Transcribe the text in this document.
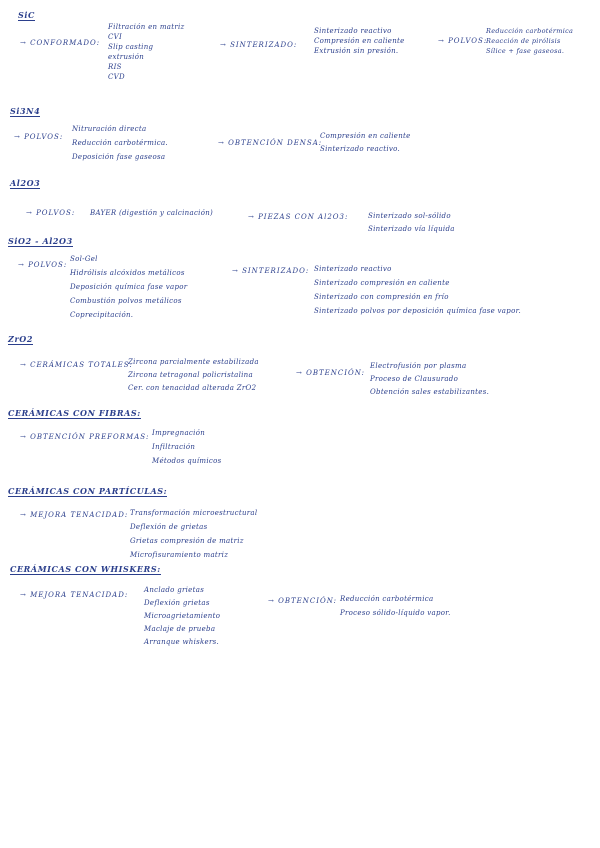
SiC
→ CONFORMADO:
Filtración en matriz
CVI
Slip casting
extrusión
RIS
CVD
→ SINTERIZADO:
Sinterizado reactivo
Compresión en caliente
Extrusión sin presión.
→ POLVOS:
Reducción carbotérmica
Reacción de pirólisis
Sílice + fase gaseosa.
Si3N4
→ POLVOS:
Nitruración directa
Reducción carbotérmica.
Deposición fase gaseosa
→ OBTENCIÓN DENSA:
Compresión en caliente
Sinterizado reactivo.
Al2O3
→ POLVOS: BAYER (digestión y calcinación)	→ PIEZAS CON Al2O3:	Sinterizado sol-sólido
Sinterizado vía líquida
SiO2 - Al2O3
→ POLVOS:
Sol-Gel
Hidrólisis alcóxidos metálicos
Deposición química fase vapor
Combustión polvos metálicos
Coprecipitación.
→ SINTERIZADO: Sinterizado reactivo
Sinterizado compresión en caliente
Sinterizado con compresión en frío
Sinterizado polvos por deposición química fase vapor.
ZrO2
→ CERÁMICAS TOTALES:
Zircona parcialmente estabilizada
Zircona tetragonal policristalina
Cer. con tenacidad alterada ZrO2
→ OBTENCIÓN:
Electrofusión por plasma
Proceso de Clausurado
Obtención sales estabilizantes.
CERÁMICAS CON FIBRAS:
→ OBTENCIÓN PREFORMAS: Impregnación
Infiltración
Métodos químicos
CERÁMICAS CON PARTÍCULAS:
→ MEJORA TENACIDAD: Transformación microestructural
Deflexión de grietas
Grietas compresión de matriz
Microfisuramiento matriz
CERÁMICAS CON WHISKERS:
→ MEJORA TENACIDAD:
Anclado grietas
Deflexión grietas
Microagrietamiento
Maclaje de prueba
Arranque whiskers.
→ OBTENCIÓN: Reducción carbotérmica
Proceso sólido-líquido vapor.
